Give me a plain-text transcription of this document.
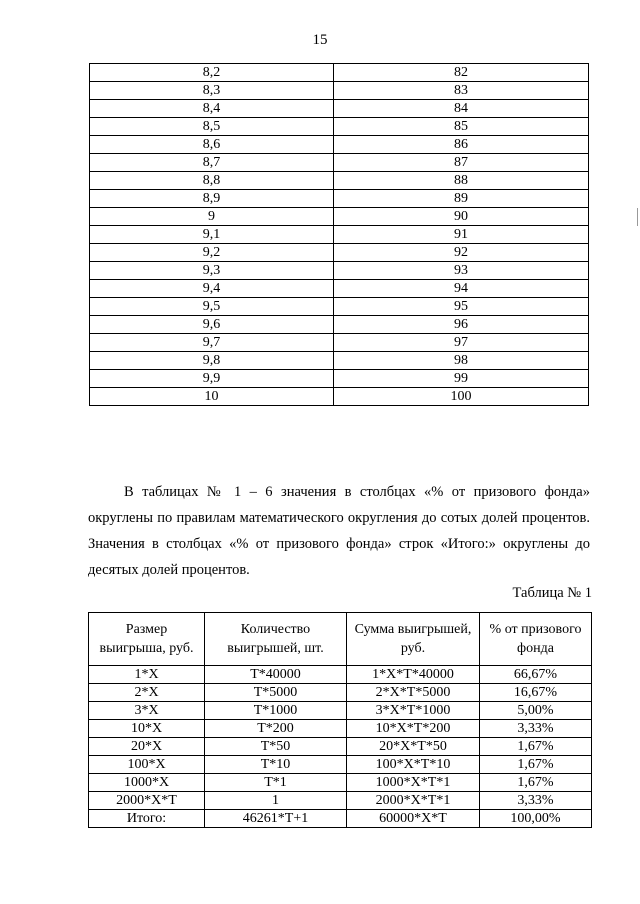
15
8,2	82
8,3	83
8,4	84
8,5	85
8,6	86
8,7	87
8,8	88
8,9	89
9	90
9,1	91
9,2	92
9,3	93
9,4	94
9,5	95
9,6	96
9,7	97
9,8	98
9,9	99
10	100

В таблицах № 1 – 6 значения в столбцах «% от призового фонда» округлены по правилам математического округления до сотых долей процентов. Значения в столбцах «% от призового фонда» строк «Итого:» округлены до десятых долей процентов.

Таблица № 1
Размер выигрыша, руб.	Количество выигрышей, шт.	Сумма выигрышей, руб.	% от призового фонда
1*X	T*40000	1*X*T*40000	66,67%
2*X	T*5000	2*X*T*5000	16,67%
3*X	T*1000	3*X*T*1000	5,00%
10*X	T*200	10*X*T*200	3,33%
20*X	T*50	20*X*T*50	1,67%
100*X	T*10	100*X*T*10	1,67%
1000*X	T*1	1000*X*T*1	1,67%
2000*X*T	1	2000*X*T*1	3,33%
Итого:	46261*T+1	60000*X*T	100,00%
